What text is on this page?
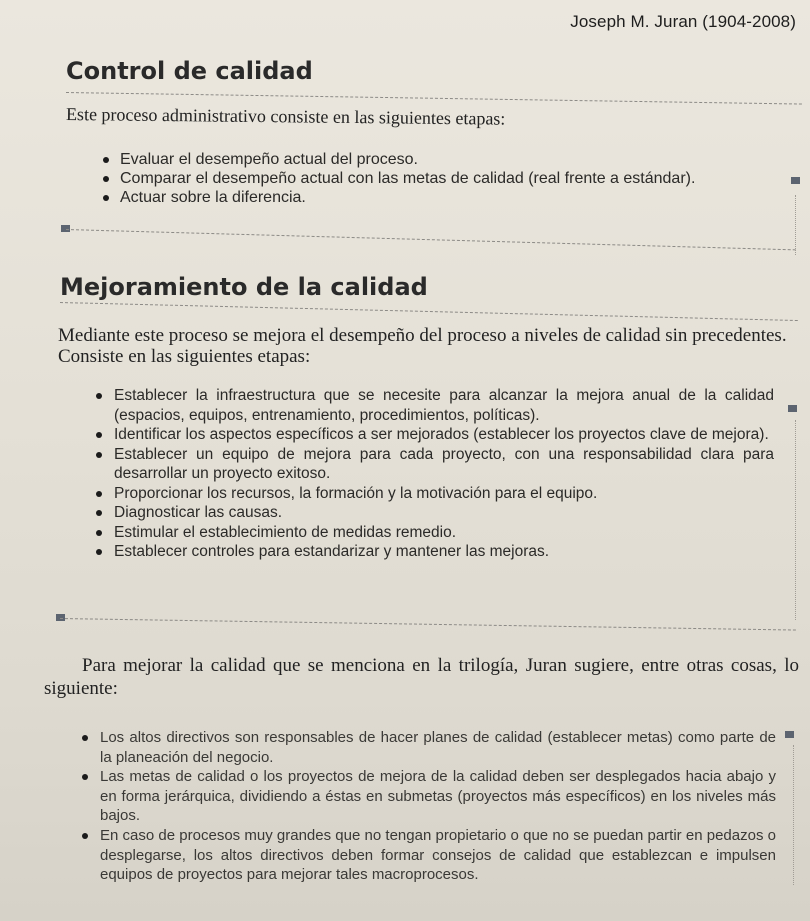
Joseph M. Juran (1904-2008)
Control de calidad
Este proceso administrativo consiste en las siguientes etapas:
Evaluar el desempeño actual del proceso.
Comparar el desempeño actual con las metas de calidad (real frente a estándar).
Actuar sobre la diferencia.
Mejoramiento de la calidad
Mediante este proceso se mejora el desempeño del proceso a niveles de calidad sin precedentes.
Consiste en las siguientes etapas:
Establecer la infraestructura que se necesite para alcanzar la mejora anual de la calidad (espacios, equipos, entrenamiento, procedimientos, políticas).
Identificar los aspectos específicos a ser mejorados (establecer los proyectos clave de mejora).
Establecer un equipo de mejora para cada proyecto, con una responsabilidad clara para desarrollar un proyecto exitoso.
Proporcionar los recursos, la formación y la motivación para el equipo.
Diagnosticar las causas.
Estimular el establecimiento de medidas remedio.
Establecer controles para estandarizar y mantener las mejoras.
Para mejorar la calidad que se menciona en la trilogía, Juran sugiere, entre otras cosas, lo siguiente:
Los altos directivos son responsables de hacer planes de calidad (establecer metas) como parte de la planeación del negocio.
Las metas de calidad o los proyectos de mejora de la calidad deben ser desplegados hacia abajo y en forma jerárquica, dividiendo a éstas en submetas (proyectos más específicos) en los niveles más bajos.
En caso de procesos muy grandes que no tengan propietario o que no se puedan partir en pedazos o desplegarse, los altos directivos deben formar consejos de calidad que establezcan e impulsen equipos de proyectos para mejorar tales macroprocesos.
